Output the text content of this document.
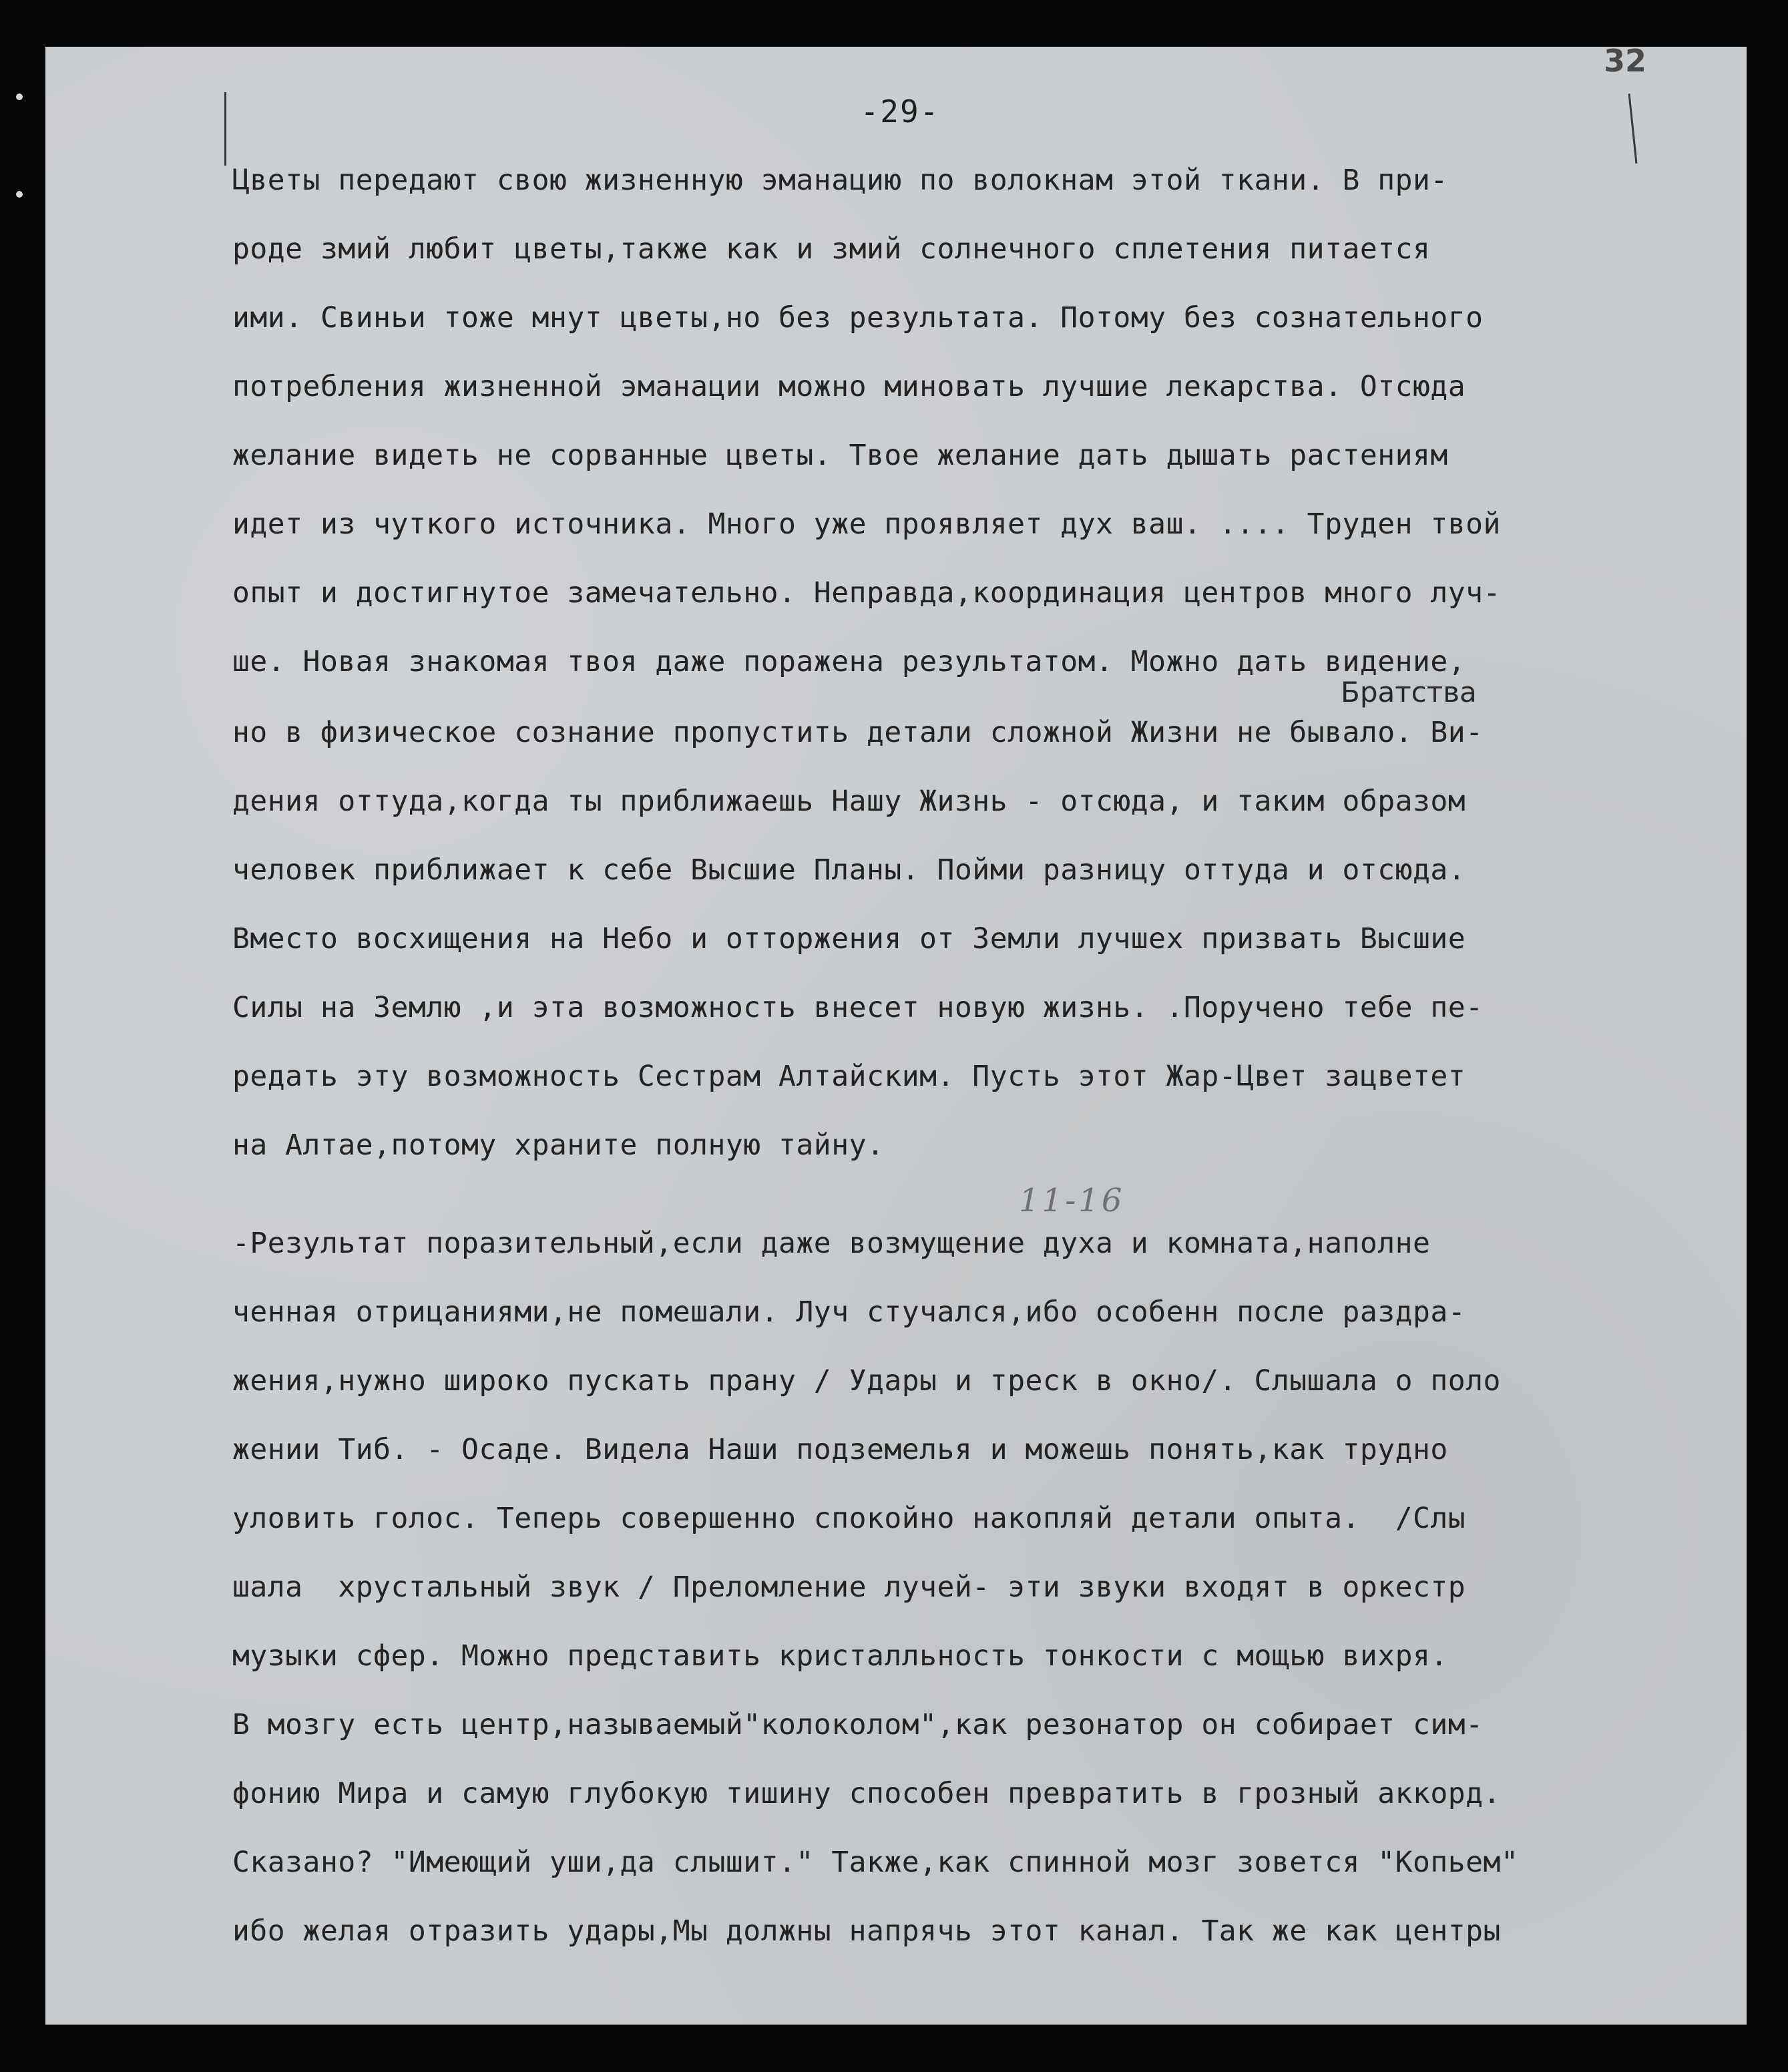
-29-
Цветы передают свою жизненную эманацию по волокнам этой ткани. В при-
роде змий любит цветы,также как и змий солнечного сплетения питается
ими. Свиньи тоже мнут цветы,но без результата. Потому без сознательного
потребления жизненной эманации можно миновать лучшие лекарства. Отсюда
желание видеть не сорванные цветы. Твое желание дать дышать растениям
идет из чуткого источника. Много уже проявляет дух ваш. .... Труден твой
опыт и достигнутое замечательно. Неправда,координация центров много луч-
ше. Новая знакомая твоя даже поражена результатом. Можно дать видение,
Братства
но в физическое сознание пропустить детали сложной Жизни не бывало. Ви-
дения оттуда,когда ты приближаешь Нашу Жизнь - отсюда, и таким образом
человек приближает к себе Высшие Планы. Пойми разницу оттуда и отсюда.
Вместо восхищения на Небо и отторжения от Земли лучшеx призвать Высшие
Силы на Землю ,и эта возможность внесет новую жизнь. .Поручено тебе пе-
редать эту возможность Сестрам Алтайским. Пусть этот Жар-Цвет зацветет
на Алтае,потому храните полную тайну.
-Результат поразительный,если даже возмущение духа и комната,наполне
ченная отрицаниями,не помешали. Луч стучался,ибо особенн после раздра-
жения,нужно широко пускать прану / Удары и треск в окно/. Слышала о поло
жении Тиб. - Осаде. Видела Наши подземелья и можешь понять,как трудно
уловить голос. Теперь совершенно спокойно накопляй детали опыта.  /Слы
шала  хрустальный звук / Преломление лучей- эти звуки входят в оркестр
музыки сфер. Можно представить кристалльность тонкости с мощью вихря.
В мозгу есть центр,называемый"колоколом",как резонатор он собирает сим-
фонию Мира и самую глубокую тишину способен превратить в грозный аккорд.
Сказано? "Имеющий уши,да слышит." Также,как спинной мозг зовется "Копьем"
ибо желая отразить удары,Мы должны напрячь этот канал. Так же как центры
11-16
32
